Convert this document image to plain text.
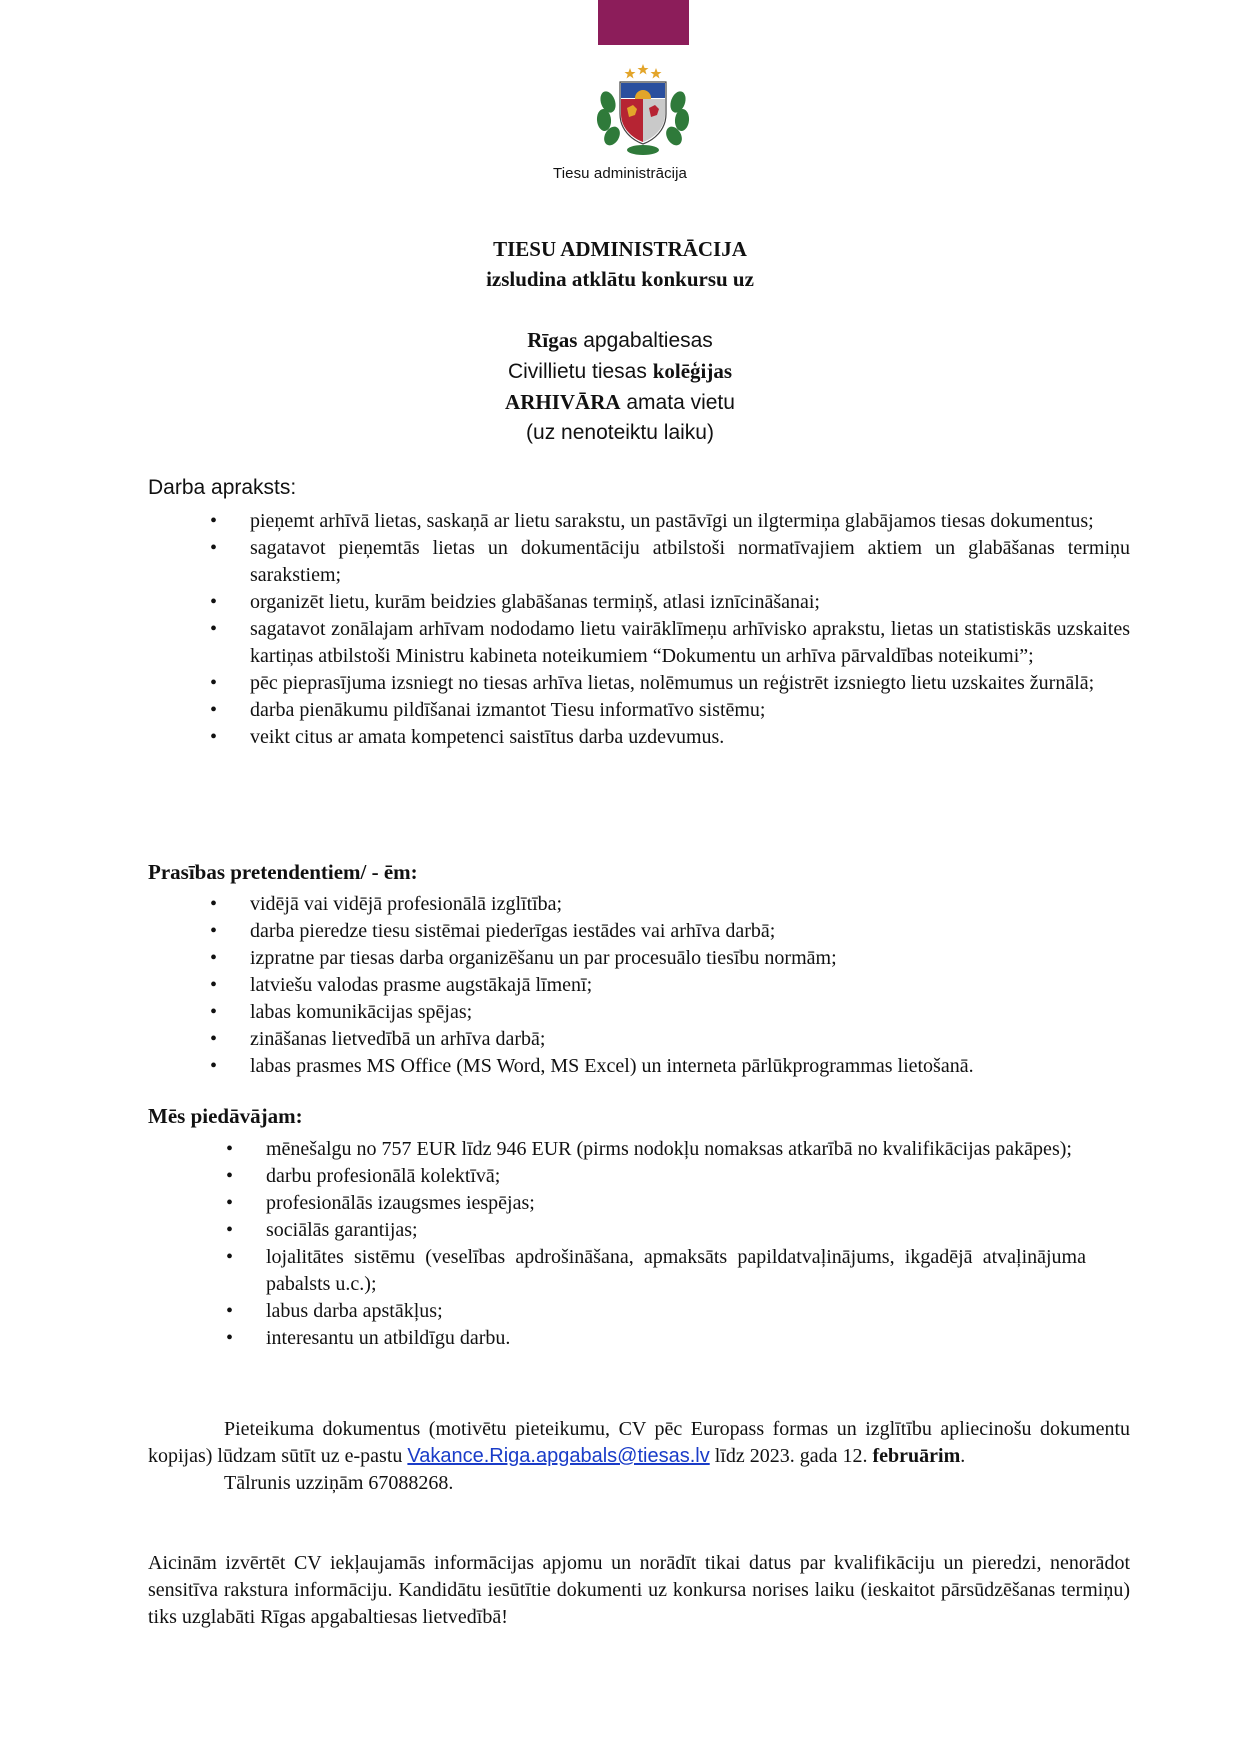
Tiesu administrācija
TIESU ADMINISTRĀCIJA
izsludina atklātu konkursu uz
Rīgas apgabaltiesas
Civillietu tiesas kolēģijas
ARHIVĀRA amata vietu
(uz nenoteiktu laiku)
Darba apraksts:
• pieņemt arhīvā lietas, saskaņā ar lietu sarakstu, un pastāvīgi un ilgtermiņa glabājamos tiesas dokumentus;
• sagatavot pieņemtās lietas un dokumentāciju atbilstoši normatīvajiem aktiem un glabāšanas termiņu sarakstiem;
• organizēt lietu, kurām beidzies glabāšanas termiņš, atlasi iznīcināšanai;
• sagatavot zonālajam arhīvam nododamo lietu vairāklīmeņu arhīvisko aprakstu, lietas un statistiskās uzskaites kartiņas atbilstoši Ministru kabineta noteikumiem “Dokumentu un arhīva pārvaldības noteikumi”;
• pēc pieprasījuma izsniegt no tiesas arhīva lietas, nolēmumus un reģistrēt izsniegto lietu uzskaites žurnālā;
• darba pienākumu pildīšanai izmantot Tiesu informatīvo sistēmu;
• veikt citus ar amata kompetenci saistītus darba uzdevumus.
Prasības pretendentiem/ - ēm:
• vidējā vai vidējā profesionālā izglītība;
• darba pieredze tiesu sistēmai piederīgas iestādes vai arhīva darbā;
• izpratne par tiesas darba organizēšanu un par procesuālo tiesību normām;
• latviešu valodas prasme augstākajā līmenī;
• labas komunikācijas spējas;
• zināšanas lietvedībā un arhīva darbā;
• labas prasmes MS Office (MS Word, MS Excel) un interneta pārlūkprogrammas lietošanā.
Mēs piedāvājam:
• mēnešalgu no 757 EUR līdz 946 EUR (pirms nodokļu nomaksas atkarībā no kvalifikācijas pakāpes);
• darbu profesionālā kolektīvā;
• profesionālās izaugsmes iespējas;
• sociālās garantijas;
• lojalitātes sistēmu (veselības apdrošināšana, apmaksāts papildatvaļinājums, ikgadējā atvaļinājuma pabalsts u.c.);
• labus darba apstākļus;
• interesantu un atbildīgu darbu.
Pieteikuma dokumentus (motivētu pieteikumu, CV pēc Europass formas un izglītību apliecinošu dokumentu kopijas) lūdzam sūtīt uz e-pastu Vakance.Riga.apgabals@tiesas.lv līdz 2023. gada 12. februārim.
Tālrunis uzziņām 67088268.
Aicinām izvērtēt CV iekļaujamās informācijas apjomu un norādīt tikai datus par kvalifikāciju un pieredzi, nenorādot sensitīva rakstura informāciju. Kandidātu iesūtītie dokumenti uz konkursa norises laiku (ieskaitot pārsūdzēšanas termiņu) tiks uzglabāti Rīgas apgabaltiesas lietvedībā!
